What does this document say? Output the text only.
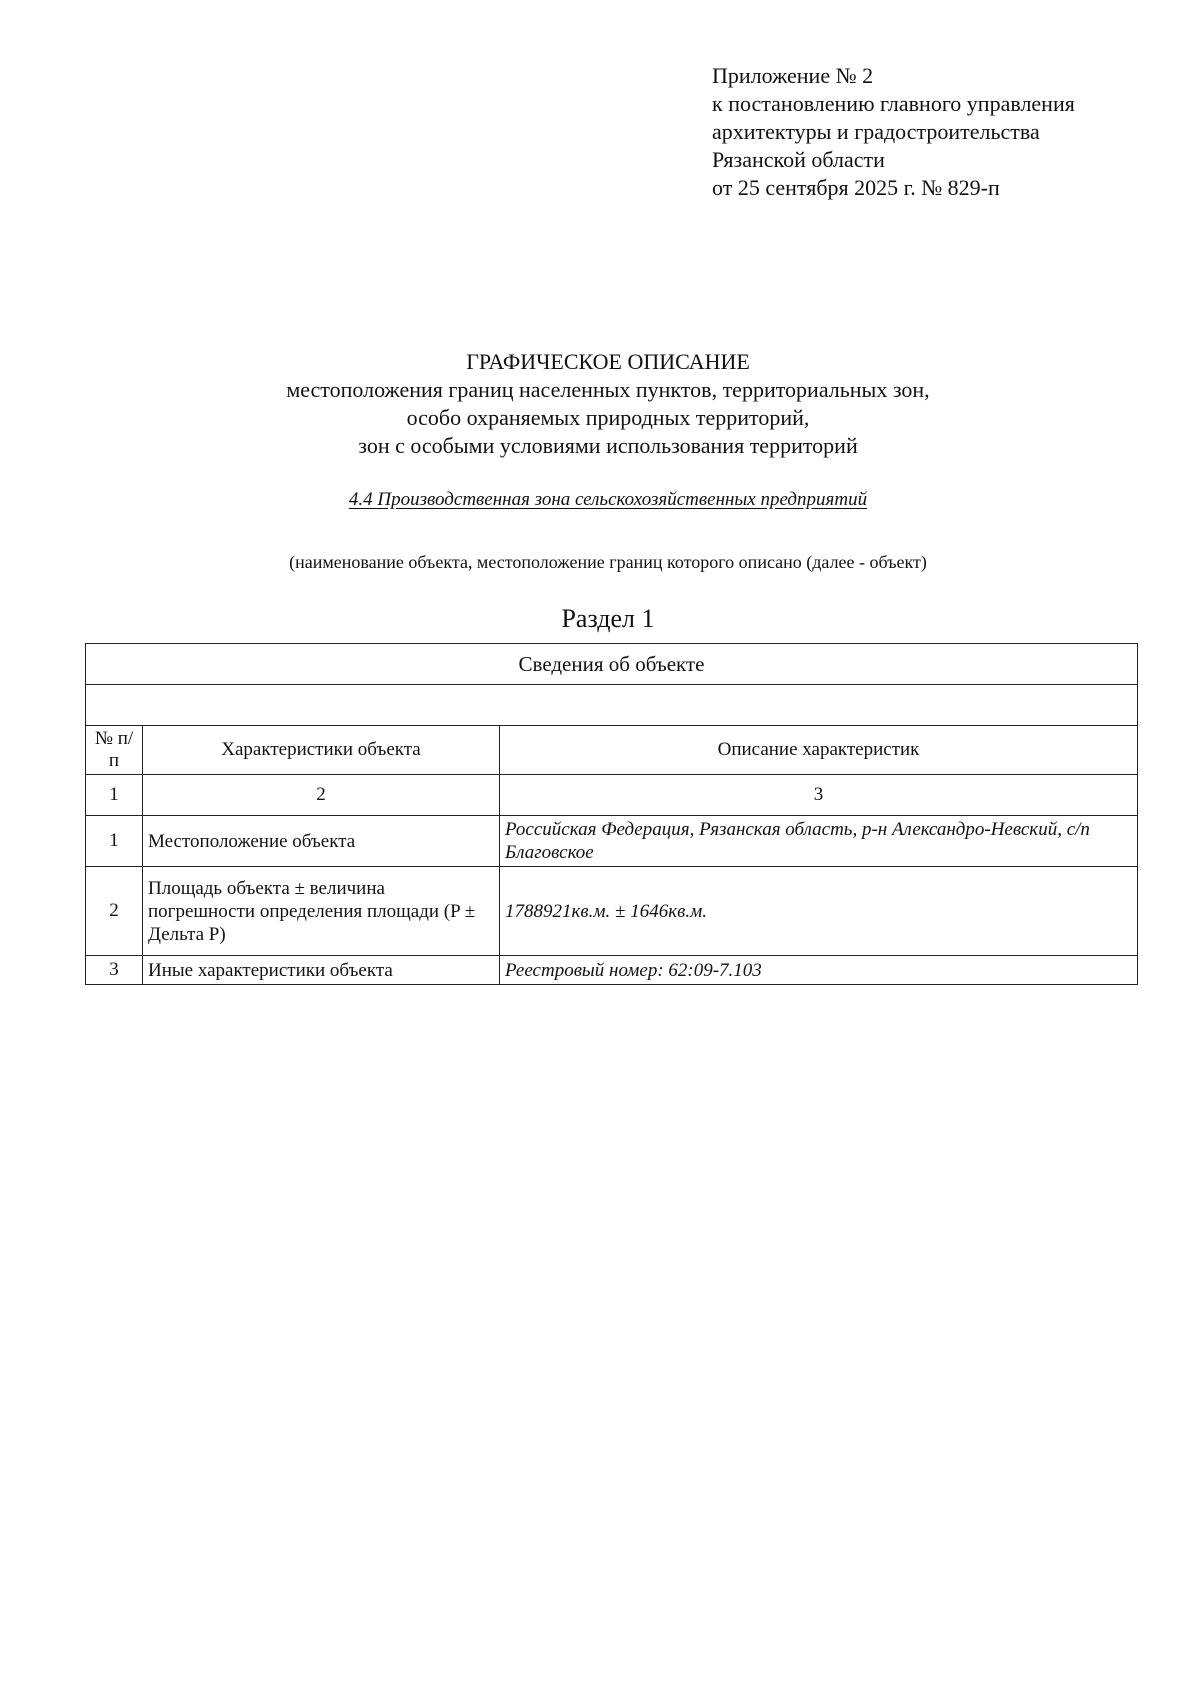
Приложение № 2
к постановлению главного управления
архитектуры и градостроительства
Рязанской области
от 25 сентября 2025 г. № 829-п
ГРАФИЧЕСКОЕ ОПИСАНИЕ
местоположения границ населенных пунктов, территориальных зон,
особо охраняемых природных территорий,
зон с особыми условиями использования территорий
4.4 Производственная зона сельскохозяйственных предприятий
(наименование объекта, местоположение границ которого описано (далее - объект)
Раздел 1
Сведения об объекте		

№ п/п	Характеристики объекта	Описание характеристик
1	2	3
1	Местоположение объекта	Российская Федерация, Рязанская область, р-н Александро-Невский, с/п Благовское
2	Площадь объекта ± величина погрешности определения площади (P ± Дельта P)	1788921кв.м. ± 1646кв.м.
3	Иные характеристики объекта	Реестровый номер: 62:09-7.103
